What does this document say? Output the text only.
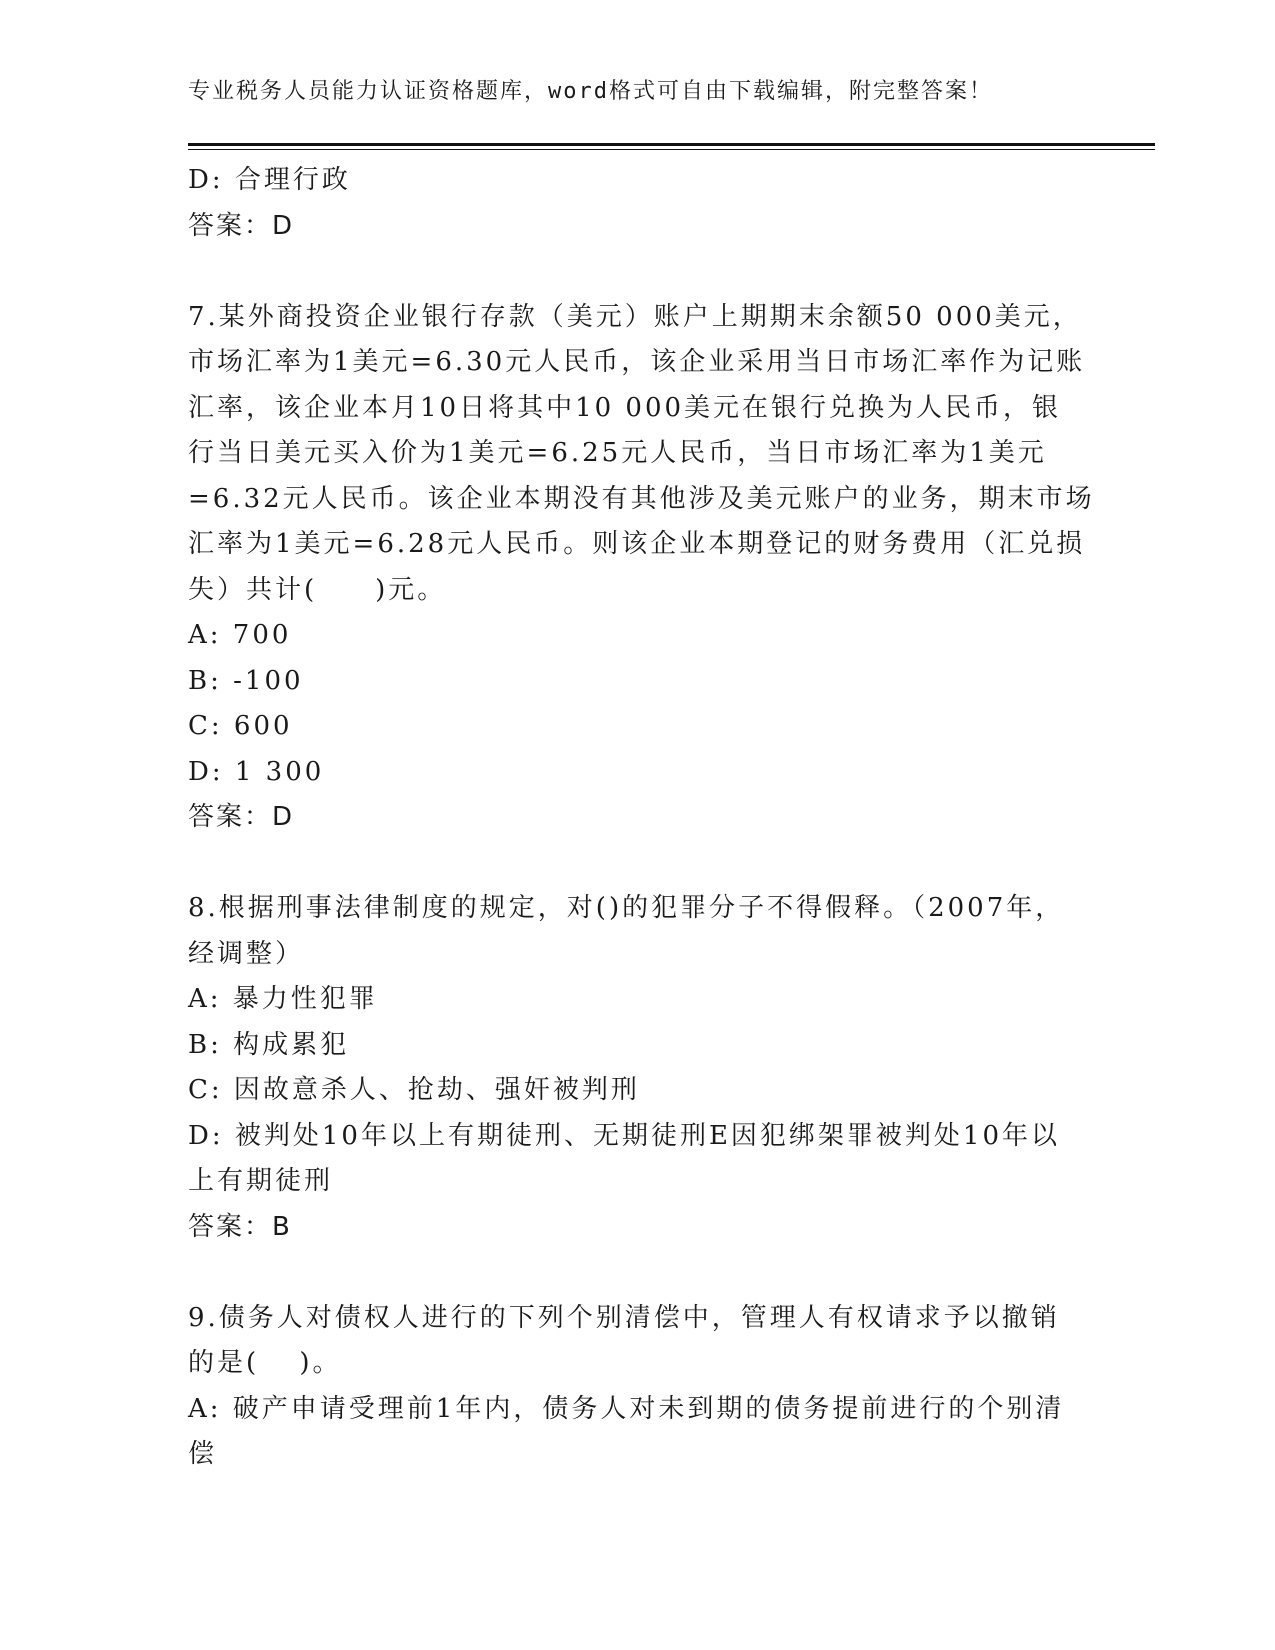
专业税务人员能力认证资格题库，word格式可自由下载编辑，附完整答案！
D: 合理行政
答案：D
7.某外商投资企业银行存款（美元）账户上期期末余额50 000美元，
市场汇率为1美元=6.30元人民币，该企业采用当日市场汇率作为记账
汇率，该企业本月10日将其中10 000美元在银行兑换为人民币，银
行当日美元买入价为1美元=6.25元人民币，当日市场汇率为1美元
=6.32元人民币。该企业本期没有其他涉及美元账户的业务，期末市场
汇率为1美元=6.28元人民币。则该企业本期登记的财务费用（汇兑损
失）共计(　　)元。
A: 700
B: -100
C: 600
D: 1 300
答案：D
8.根据刑事法律制度的规定，对()的犯罪分子不得假释。（2007年，
经调整）
A: 暴力性犯罪
B: 构成累犯
C: 因故意杀人、抢劫、强奸被判刑
D: 被判处10年以上有期徒刑、无期徒刑E因犯绑架罪被判处10年以
上有期徒刑
答案：B
9.债务人对债权人进行的下列个别清偿中，管理人有权请求予以撤销
的是(　 )。
A: 破产申请受理前1年内，债务人对未到期的债务提前进行的个别清
偿
